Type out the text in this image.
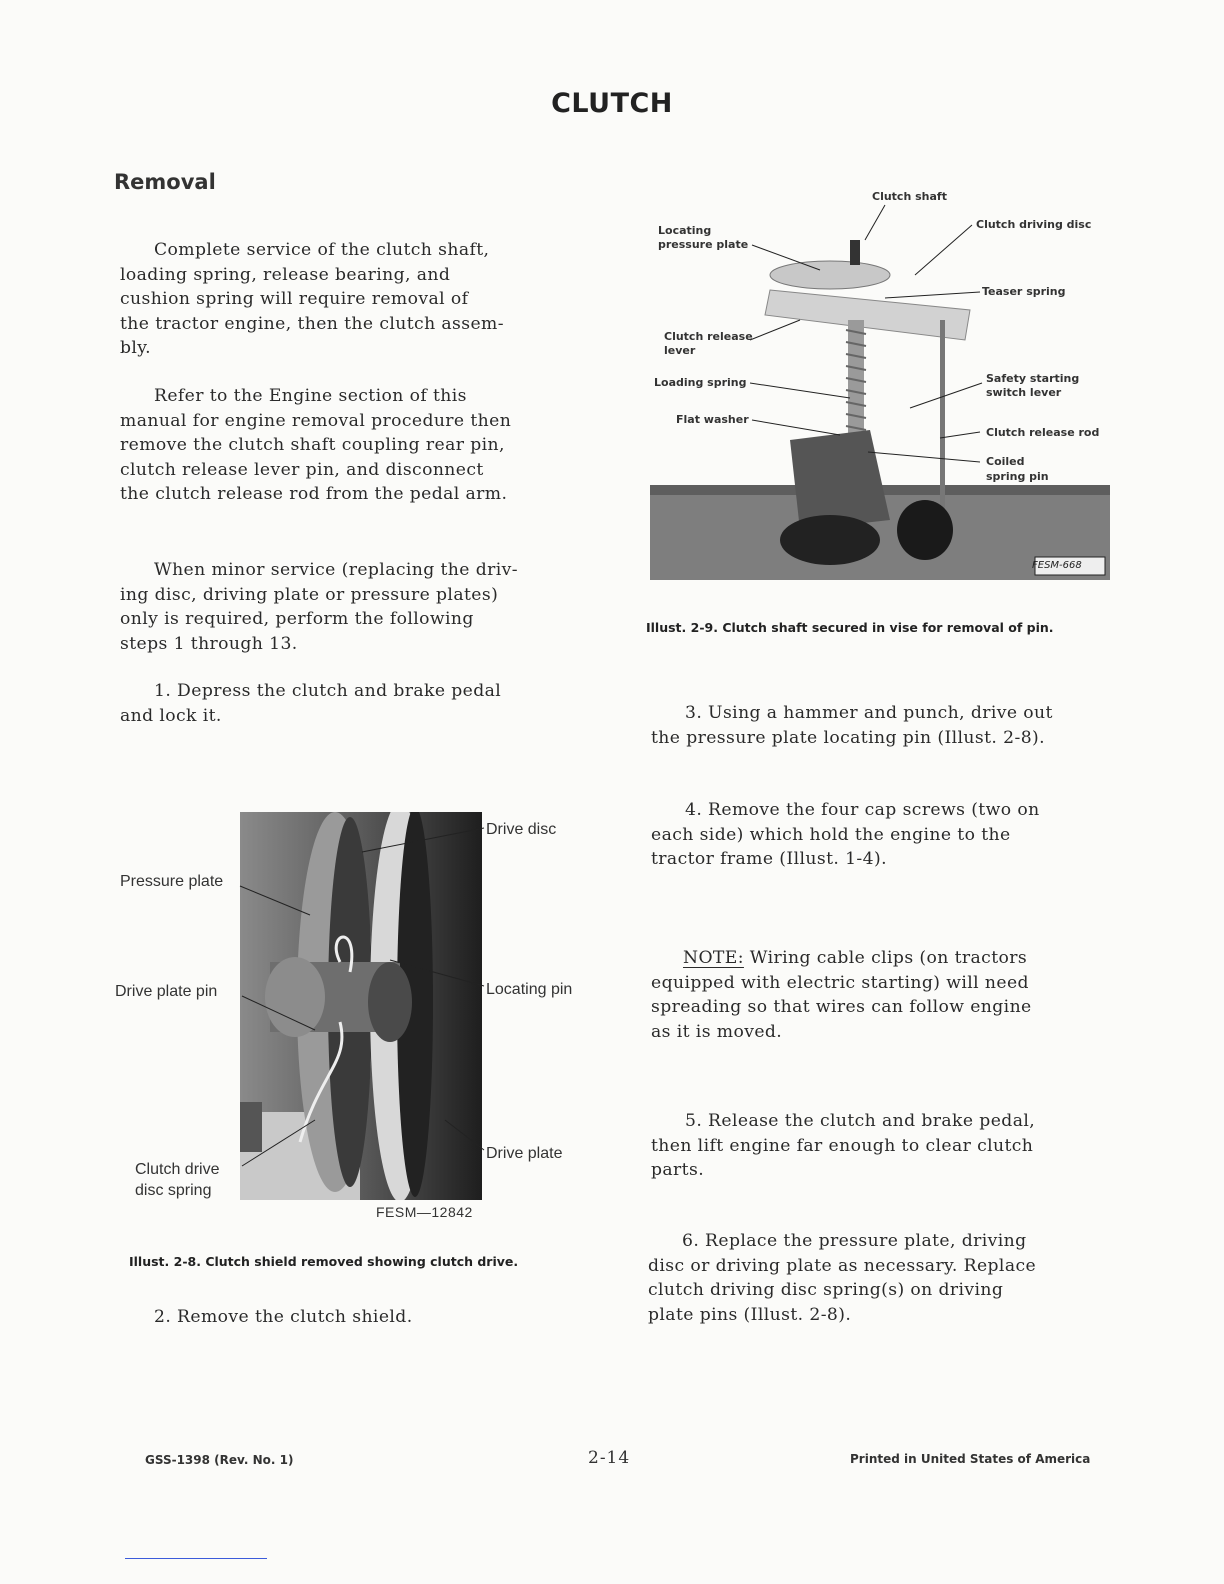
CLUTCH
Removal

Complete service of the clutch shaft,
loading spring, release bearing, and
cushion spring will require removal of
the tractor engine, then the clutch assem-
bly.

Refer to the Engine section of this
manual for engine removal procedure then
remove the clutch shaft coupling rear pin,
clutch release lever pin, and disconnect
the clutch release rod from the pedal arm.

When minor service (replacing the driv-
ing disc, driving plate or pressure plates)
only is required, perform the following
steps 1 through 13.

1. Depress the clutch and brake pedal
and lock it.

Drive disc
Pressure plate
Drive plate pin	Locating pin
Drive plate
Clutch drive
disc spring
FESM—12842
Illust. 2-8. Clutch shield removed showing clutch drive.

2. Remove the clutch shield.

Clutch shaft
Locating
pressure plate
Clutch driving disc
Teaser spring
Clutch release
lever
Loading spring	Safety starting
switch lever
Flat washer
Clutch release rod
Coiled
spring pin
FESM-668
Illust. 2-9. Clutch shaft secured in vise for removal of pin.

3. Using a hammer and punch, drive out
the pressure plate locating pin (Illust. 2-8).

4. Remove the four cap screws (two on
each side) which hold the engine to the
tractor frame (Illust. 1-4).

NOTE: Wiring cable clips (on tractors
equipped with electric starting) will need
spreading so that wires can follow engine
as it is moved.

5. Release the clutch and brake pedal,
then lift engine far enough to clear clutch
parts.

6. Replace the pressure plate, driving
disc or driving plate as necessary. Replace
clutch driving disc spring(s) on driving
plate pins (Illust. 2-8).

GSS-1398 (Rev. No. 1)	2-14	Printed in United States of America
